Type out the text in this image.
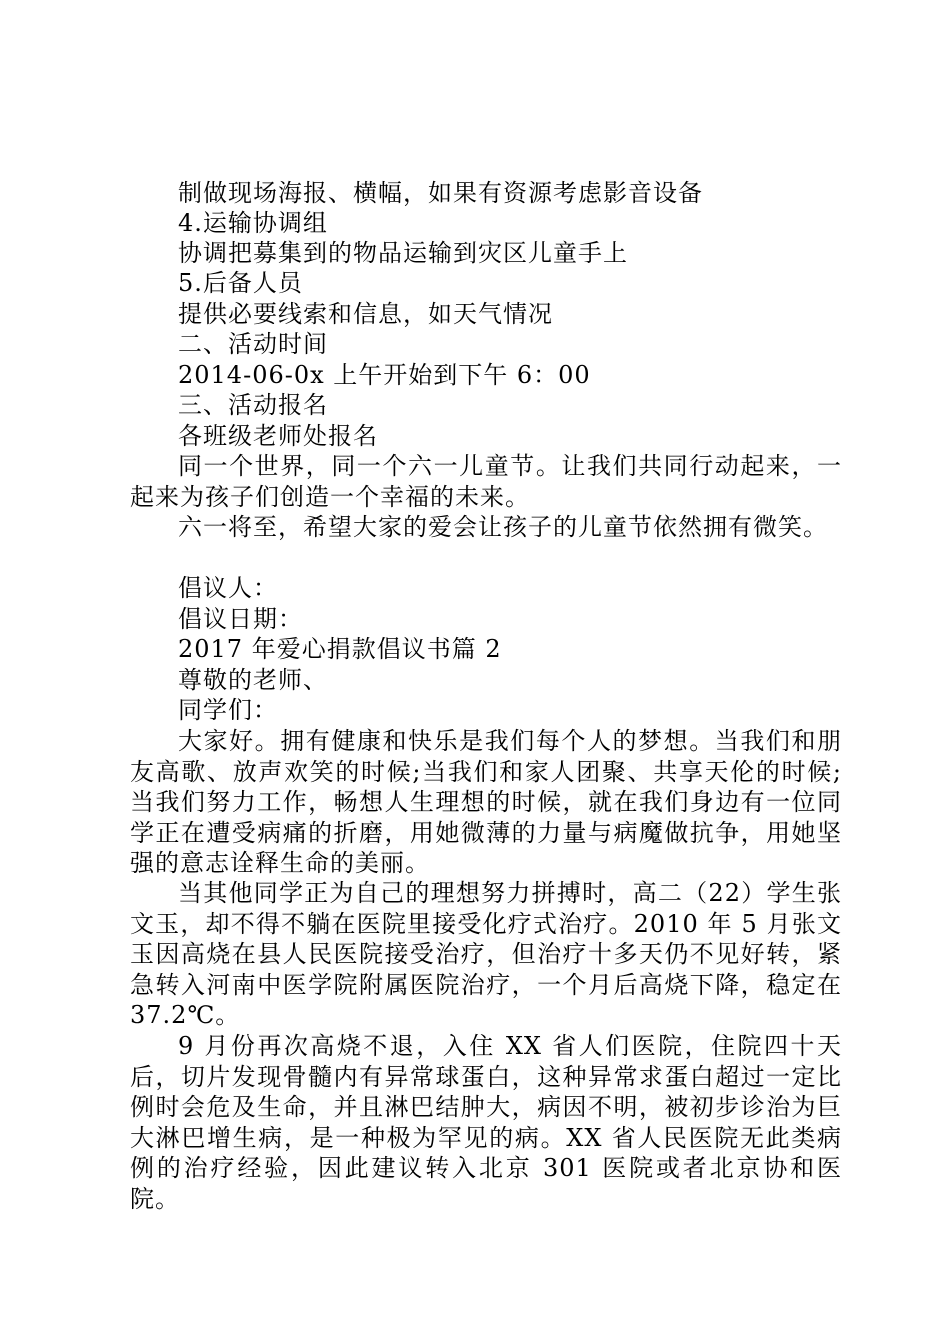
制做现场海报、横幅，如果有资源考虑影音设备
4.运输协调组
协调把募集到的物品运输到灾区儿童手上
5.后备人员
提供必要线索和信息，如天气情况
二、活动时间
2014-06-0x 上午开始到下午 6：00
三、活动报名
各班级老师处报名
同一个世界，同一个六一儿童节。让我们共同行动起来，一起来为孩子们创造一个幸福的未来。
六一将至，希望大家的爱会让孩子的儿童节依然拥有微笑。
倡议人：
倡议日期：
2017 年爱心捐款倡议书篇 2
尊敬的老师、
同学们：
大家好。拥有健康和快乐是我们每个人的梦想。当我们和朋友高歌、放声欢笑的时候;当我们和家人团聚、共享天伦的时候;当我们努力工作，畅想人生理想的时候，就在我们身边有一位同学正在遭受病痛的折磨，用她微薄的力量与病魔做抗争，用她坚强的意志诠释生命的美丽。
当其他同学正为自己的理想努力拼搏时，高二（22）学生张文玉，却不得不躺在医院里接受化疗式治疗。2010 年 5 月张文玉因高烧在县人民医院接受治疗，但治疗十多天仍不见好转，紧急转入河南中医学院附属医院治疗，一个月后高烧下降，稳定在 37.2℃。
9 月份再次高烧不退，入住 XX 省人们医院，住院四十天后，切片发现骨髓内有异常球蛋白，这种异常求蛋白超过一定比例时会危及生命，并且淋巴结肿大，病因不明，被初步诊治为巨大淋巴增生病，是一种极为罕见的病。XX 省人民医院无此类病例的治疗经验，因此建议转入北京 301 医院或者北京协和医院。
